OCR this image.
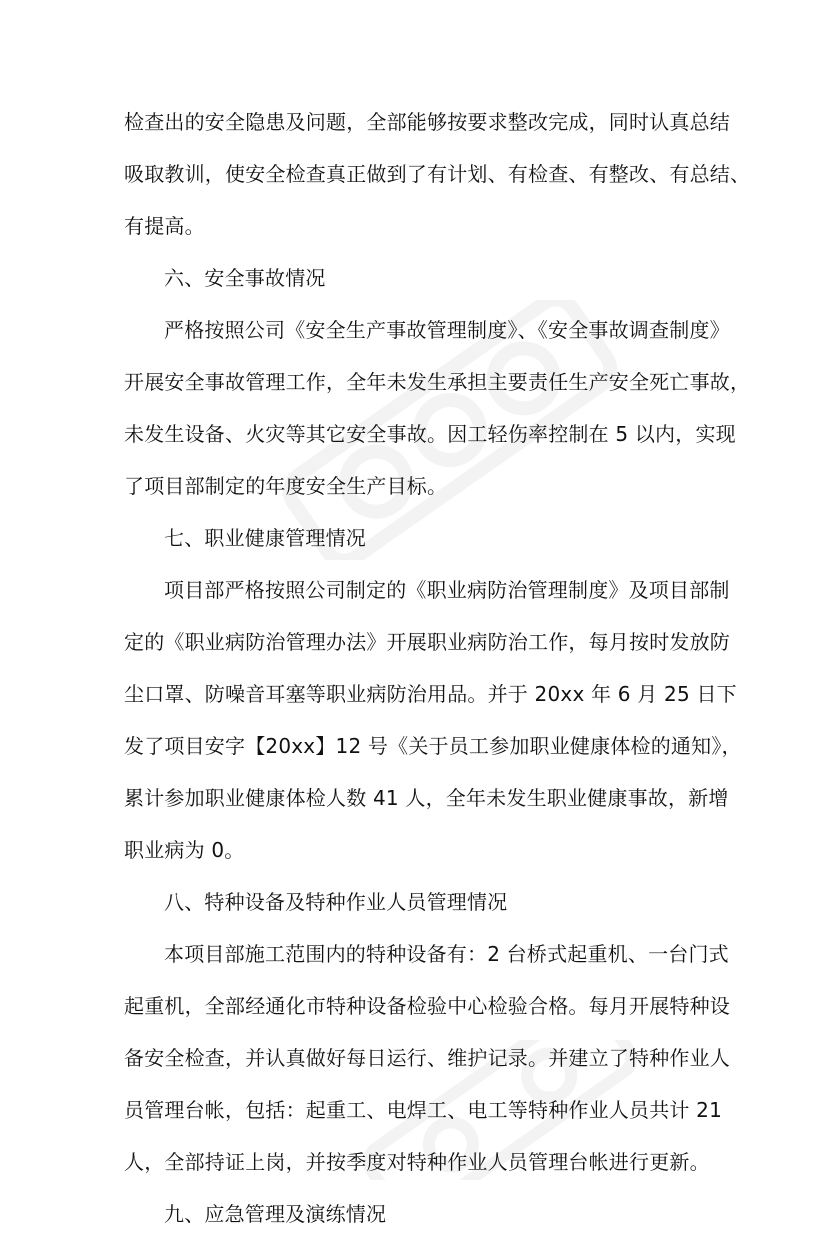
检查出的安全隐患及问题，全部能够按要求整改完成，同时认真总结
吸取教训，使安全检查真正做到了有计划、有检查、有整改、有总结、
有提高。
六、安全事故情况
严格按照公司《安全生产事故管理制度》、《安全事故调查制度》
开展安全事故管理工作，全年未发生承担主要责任生产安全死亡事故，
未发生设备、火灾等其它安全事故。因工轻伤率控制在 5 以内，实现
了项目部制定的年度安全生产目标。
七、职业健康管理情况
项目部严格按照公司制定的《职业病防治管理制度》及项目部制
定的《职业病防治管理办法》开展职业病防治工作，每月按时发放防
尘口罩、防噪音耳塞等职业病防治用品。并于 20xx 年 6 月 25 日下
发了项目安字【20xx】12 号《关于员工参加职业健康体检的通知》，
累计参加职业健康体检人数 41 人，全年未发生职业健康事故，新增
职业病为 0。
八、特种设备及特种作业人员管理情况
本项目部施工范围内的特种设备有：2 台桥式起重机、一台门式
起重机，全部经通化市特种设备检验中心检验合格。每月开展特种设
备安全检查，并认真做好每日运行、维护记录。并建立了特种作业人
员管理台帐，包括：起重工、电焊工、电工等特种作业人员共计 21
人，全部持证上岗，并按季度对特种作业人员管理台帐进行更新。
九、应急管理及演练情况
